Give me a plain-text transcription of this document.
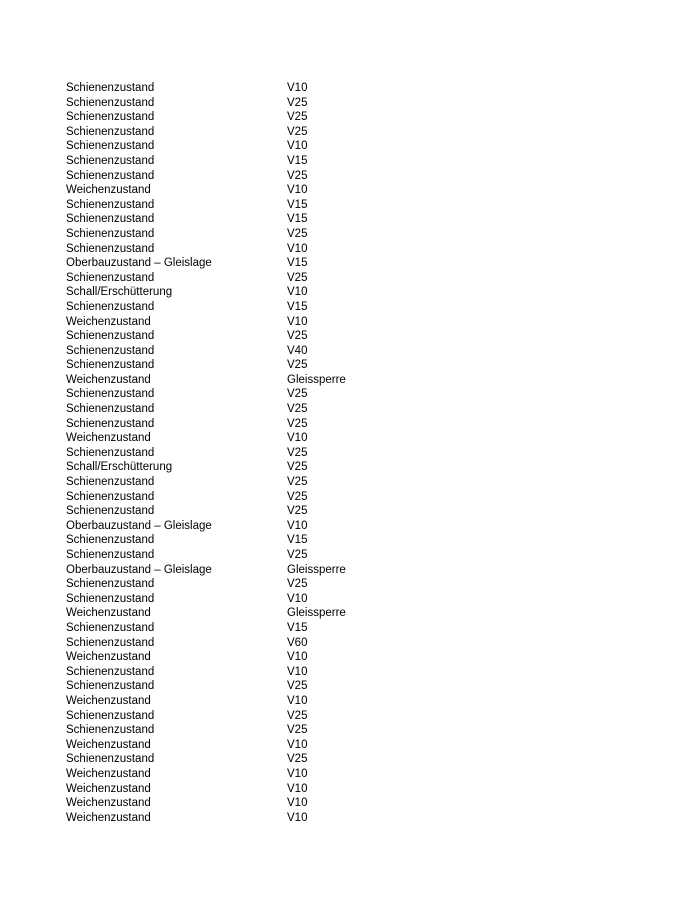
Schienenzustand	V10
Schienenzustand	V25
Schienenzustand	V25
Schienenzustand	V25
Schienenzustand	V10
Schienenzustand	V15
Schienenzustand	V25
Weichenzustand	V10
Schienenzustand	V15
Schienenzustand	V15
Schienenzustand	V25
Schienenzustand	V10
Oberbauzustand – Gleislage	V15
Schienenzustand	V25
Schall/Erschütterung	V10
Schienenzustand	V15
Weichenzustand	V10
Schienenzustand	V25
Schienenzustand	V40
Schienenzustand	V25
Weichenzustand	Gleissperre
Schienenzustand	V25
Schienenzustand	V25
Schienenzustand	V25
Weichenzustand	V10
Schienenzustand	V25
Schall/Erschütterung	V25
Schienenzustand	V25
Schienenzustand	V25
Schienenzustand	V25
Oberbauzustand – Gleislage	V10
Schienenzustand	V15
Schienenzustand	V25
Oberbauzustand – Gleislage	Gleissperre
Schienenzustand	V25
Schienenzustand	V10
Weichenzustand	Gleissperre
Schienenzustand	V15
Schienenzustand	V60
Weichenzustand	V10
Schienenzustand	V10
Schienenzustand	V25
Weichenzustand	V10
Schienenzustand	V25
Schienenzustand	V25
Weichenzustand	V10
Schienenzustand	V25
Weichenzustand	V10
Weichenzustand	V10
Weichenzustand	V10
Weichenzustand	V10
